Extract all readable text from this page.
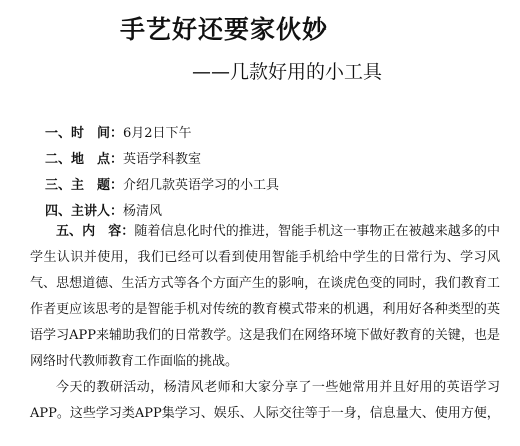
手艺好还要家伙妙
——几款好用的小工具
一、时　间：6月2日下午
二、地　点：英语学科教室
三、主　题：介绍几款英语学习的小工具
四、主讲人：杨清风
五、内　容：随着信息化时代的推进，智能手机这一事物正在被越来越多的中学生认识并使用，我们已经可以看到使用智能手机给中学生的日常行为、学习风气、思想道德、生活方式等各个方面产生的影响，在谈虎色变的同时，我们教育工作者更应该思考的是智能手机对传统的教育模式带来的机遇，利用好各种类型的英语学习APP来辅助我们的日常教学。这是我们在网络环境下做好教育的关键，也是网络时代教师教育工作面临的挑战。
今天的教研活动，杨清风老师和大家分享了一些她常用并且好用的英语学习APP。这些学习类APP集学习、娱乐、人际交往等于一身，信息量大、使用方便，
